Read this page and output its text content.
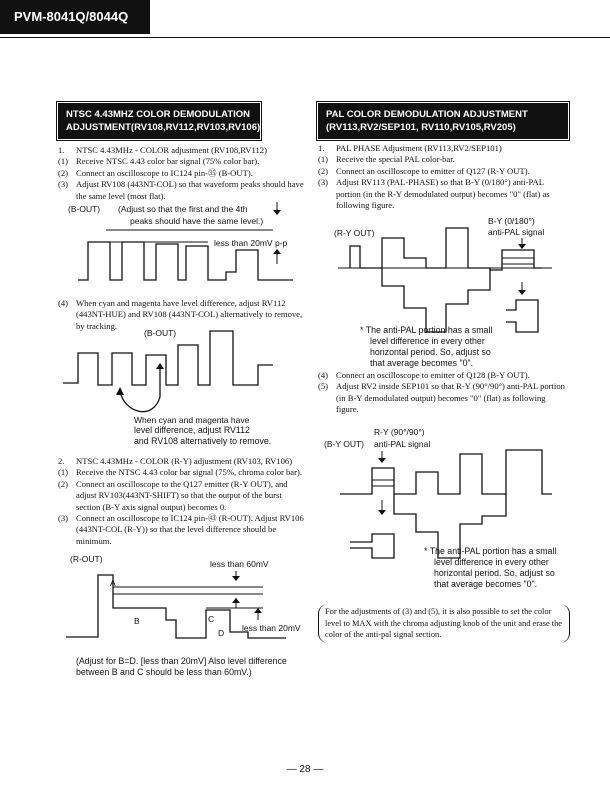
PVM-8041Q/8044Q
NTSC 4.43MHZ COLOR DEMODULATION
ADJUSTMENT(RV108,RV112,RV103,RV106)
1.	NTSC 4.43MHz - COLOR adjustment (RV108,RV112)
(1) Receive NTSC 4.43 color bar signal (75% color bar).
(2) Connect an oscilloscope to IC124 pin-㉟ (B-OUT).
(3) Adjust RV108 (443NT-COL) so that waveform peaks should have the same level (most flat).
(B-OUT) (Adjust so that the first and the 4th
peaks should have the same level.)
less than 20mV p-p
(4) When cyan and magenta have level difference, adjust RV112 (443NT-HUE) and RV108 (443NT-COL) alternatively to remove, by tracking.
(B-OUT)
When cyan and magenta have
level difference, adjust RV112
and RV108 alternatively to remove.
2.	NTSC 4.43MHz - COLOR (R-Y) adjustment (RV103, RV106)
(1) Receive the NTSC 4.43 color bar signal (75%, chroma color bar).
(2) Connect an oscilloscope to the Q127 emitter (R-Y OUT), and adjust RV103(443NT-SHIFT) so that the output of the burst section (B-Y axis signal output) becomes 0.
(3) Connect an oscilloscope to IC124 pin-㊸ (R-OUT). Adjust RV106 (443NT-COL (R-Y)) so that the level difference should be minimum.
(R-OUT)	less than 60mV
A
B	C
D less than 20mV
(Adjust for B=D. [less than 20mV] Also level difference
between B and C should be less than 60mV.)
PAL COLOR DEMODULATION ADJUSTMENT
(RV113,RV2/SEP101, RV110,RV105,RV205)
1.	PAL PHASE Adjustment (RV113,RV2/SEP101)
(1) Receive the special PAL color-bar.
(2) Connect an oscilloscope to emitter of Q127 (R-Y OUT).
(3) Adjust RV113 (PAL-PHASE) so that B-Y (0/180°) anti-PAL portion (in the R-Y demodulated output) becomes "0" (flat) as following figure.
(R-Y OUT)
B-Y (0/180°)
anti-PAL signal
* The anti-PAL portion has a small
level difference in every other
horizontal period. So, adjust so
that average becomes "0".
(4) Connect an oscilloscope to emitter of Q128 (B-Y OUT).
(5) Adjust RV2 inside SEP101 so that R-Y (90°/90°) anti-PAL portion (in B-Y demodulated output) becomes "0" (flat) as following figure.
R-Y (90°/90°)
(B-Y OUT) anti-PAL signal
* The anti-PAL portion has a small
level difference in every other
horizontal period. So, adjust so
that average becomes "0".
For the adjustments of (3) and (5), it is also possible to set the color level to MAX with the chroma adjusting knob of the unit and erase the color of the anti-pal signal section.
— 28 —
